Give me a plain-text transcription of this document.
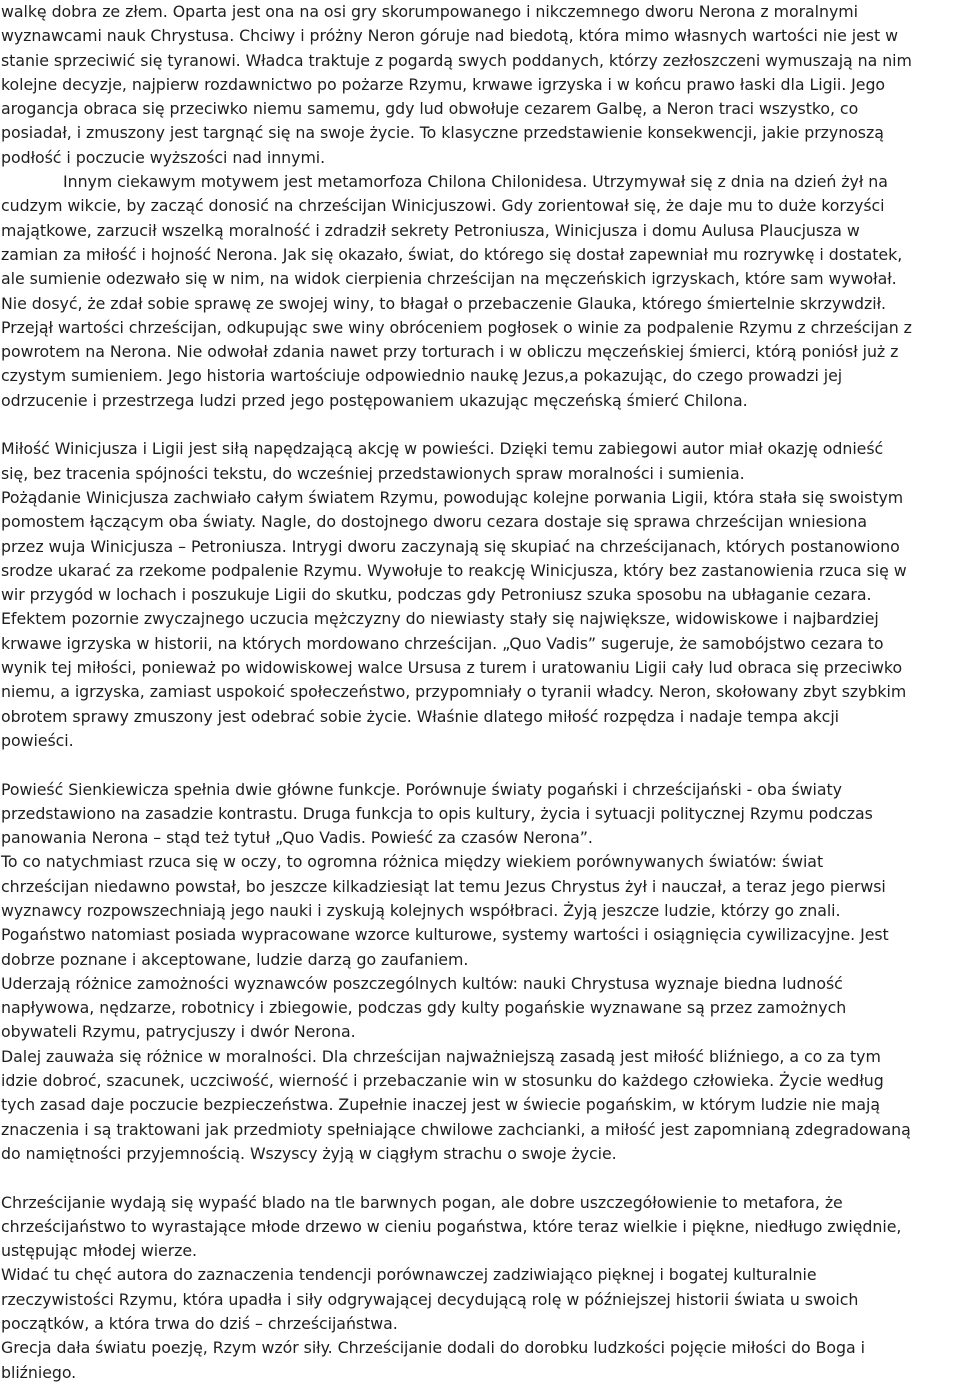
walkę dobra ze złem. Oparta jest ona na osi gry skorumpowanego i nikczemnego dworu Nerona z moralnymi
wyznawcami nauk Chrystusa. Chciwy i próżny Neron góruje nad biedotą, która mimo własnych wartości nie jest w
stanie sprzeciwić się tyranowi. Władca traktuje z pogardą swych poddanych, którzy zezłoszczeni wymuszają na nim
kolejne decyzje, najpierw rozdawnictwo po pożarze Rzymu, krwawe igrzyska i w końcu prawo łaski dla Ligii. Jego
arogancja obraca się przeciwko niemu samemu, gdy lud obwołuje cezarem Galbę, a Neron traci wszystko, co
posiadał, i zmuszony jest targnąć się na swoje życie. To klasyczne przedstawienie konsekwencji, jakie przynoszą
podłość i poczucie wyższości nad innymi.
Innym ciekawym motywem jest metamorfoza Chilona Chilonidesa. Utrzymywał się z dnia na dzień żył na
cudzym wikcie, by zacząć donosić na chrześcijan Winicjuszowi. Gdy zorientował się, że daje mu to duże korzyści
majątkowe, zarzucił wszelką moralność i zdradził sekrety Petroniusza, Winicjusza i domu Aulusa Plaucjusza w
zamian za miłość i hojność Nerona. Jak się okazało, świat, do którego się dostał zapewniał mu rozrywkę i dostatek,
ale sumienie odezwało się w nim, na widok cierpienia chrześcijan na męczeńskich igrzyskach, które sam wywołał.
Nie dosyć, że zdał sobie sprawę ze swojej winy, to błagał o przebaczenie Glauka, którego śmiertelnie skrzywdził.
Przejął wartości chrześcijan, odkupując swe winy obróceniem pogłosek o winie za podpalenie Rzymu z chrześcijan z
powrotem na Nerona. Nie odwołał zdania nawet przy torturach i w obliczu męczeńskiej śmierci, którą poniósł już z
czystym sumieniem. Jego historia wartościuje odpowiednio naukę Jezus,a pokazując, do czego prowadzi jej
odrzucenie i przestrzega ludzi przed jego postępowaniem ukazując męczeńską śmierć Chilona.
Miłość Winicjusza i Ligii jest siłą napędzającą akcję w powieści. Dzięki temu zabiegowi autor miał okazję odnieść
się, bez tracenia spójności tekstu, do wcześniej przedstawionych spraw moralności i sumienia.
Pożądanie Winicjusza zachwiało całym światem Rzymu, powodując kolejne porwania Ligii, która stała się swoistym
pomostem łączącym oba światy. Nagle, do dostojnego dworu cezara dostaje się sprawa chrześcijan wniesiona
przez wuja Winicjusza – Petroniusza. Intrygi dworu zaczynają się skupiać na chrześcijanach, których postanowiono
srodze ukarać za rzekome podpalenie Rzymu. Wywołuje to reakcję Winicjusza, który bez zastanowienia rzuca się w
wir przygód w lochach i poszukuje Ligii do skutku, podczas gdy Petroniusz szuka sposobu na ubłaganie cezara.
Efektem pozornie zwyczajnego uczucia mężczyzny do niewiasty stały się największe, widowiskowe i najbardziej
krwawe igrzyska w historii, na których mordowano chrześcijan. „Quo Vadis” sugeruje, że samobójstwo cezara to
wynik tej miłości, ponieważ po widowiskowej walce Ursusa z turem i uratowaniu Ligii cały lud obraca się przeciwko
niemu, a igrzyska, zamiast uspokoić społeczeństwo, przypomniały o tyranii władcy. Neron, skołowany zbyt szybkim
obrotem sprawy zmuszony jest odebrać sobie życie. Właśnie dlatego miłość rozpędza i nadaje tempa akcji
powieści.
Powieść Sienkiewicza spełnia dwie główne funkcje. Porównuje światy pogański i chrześcijański - oba światy
przedstawiono na zasadzie kontrastu. Druga funkcja to opis kultury, życia i sytuacji politycznej Rzymu podczas
panowania Nerona – stąd też tytuł „Quo Vadis. Powieść za czasów Nerona”.
To co natychmiast rzuca się w oczy, to ogromna różnica między wiekiem porównywanych światów: świat
chrześcijan niedawno powstał, bo jeszcze kilkadziesiąt lat temu Jezus Chrystus żył i nauczał, a teraz jego pierwsi
wyznawcy rozpowszechniają jego nauki i zyskują kolejnych współbraci. Żyją jeszcze ludzie, którzy go znali.
Pogaństwo natomiast posiada wypracowane wzorce kulturowe, systemy wartości i osiągnięcia cywilizacyjne. Jest
dobrze poznane i akceptowane, ludzie darzą go zaufaniem.
Uderzają różnice zamożności wyznawców poszczególnych kultów: nauki Chrystusa wyznaje biedna ludność
napływowa, nędzarze, robotnicy i zbiegowie, podczas gdy kulty pogańskie wyznawane są przez zamożnych
obywateli Rzymu, patrycjuszy i dwór Nerona.
Dalej zauważa się różnice w moralności. Dla chrześcijan najważniejszą zasadą jest miłość bliźniego, a co za tym
idzie dobroć, szacunek, uczciwość, wierność i przebaczanie win w stosunku do każdego człowieka. Życie według
tych zasad daje poczucie bezpieczeństwa. Zupełnie inaczej jest w świecie pogańskim, w którym ludzie nie mają
znaczenia i są traktowani jak przedmioty spełniające chwilowe zachcianki, a miłość jest zapomnianą zdegradowaną
do namiętności przyjemnością. Wszyscy żyją w ciągłym strachu o swoje życie.
Chrześcijanie wydają się wypaść blado na tle barwnych pogan, ale dobre uszczegółowienie to metafora, że
chrześcijaństwo to wyrastające młode drzewo w cieniu pogaństwa, które teraz wielkie i piękne, niedługo zwiędnie,
ustępując młodej wierze.
Widać tu chęć autora do zaznaczenia tendencji porównawczej zadziwiająco pięknej i bogatej kulturalnie
rzeczywistości Rzymu, która upadła i siły odgrywającej decydującą rolę w późniejszej historii świata u swoich
początków, a która trwa do dziś – chrześcijaństwa.
Grecja dała światu poezję, Rzym wzór siły. Chrześcijanie dodali do dorobku ludzkości pojęcie miłości do Boga i
bliźniego.
